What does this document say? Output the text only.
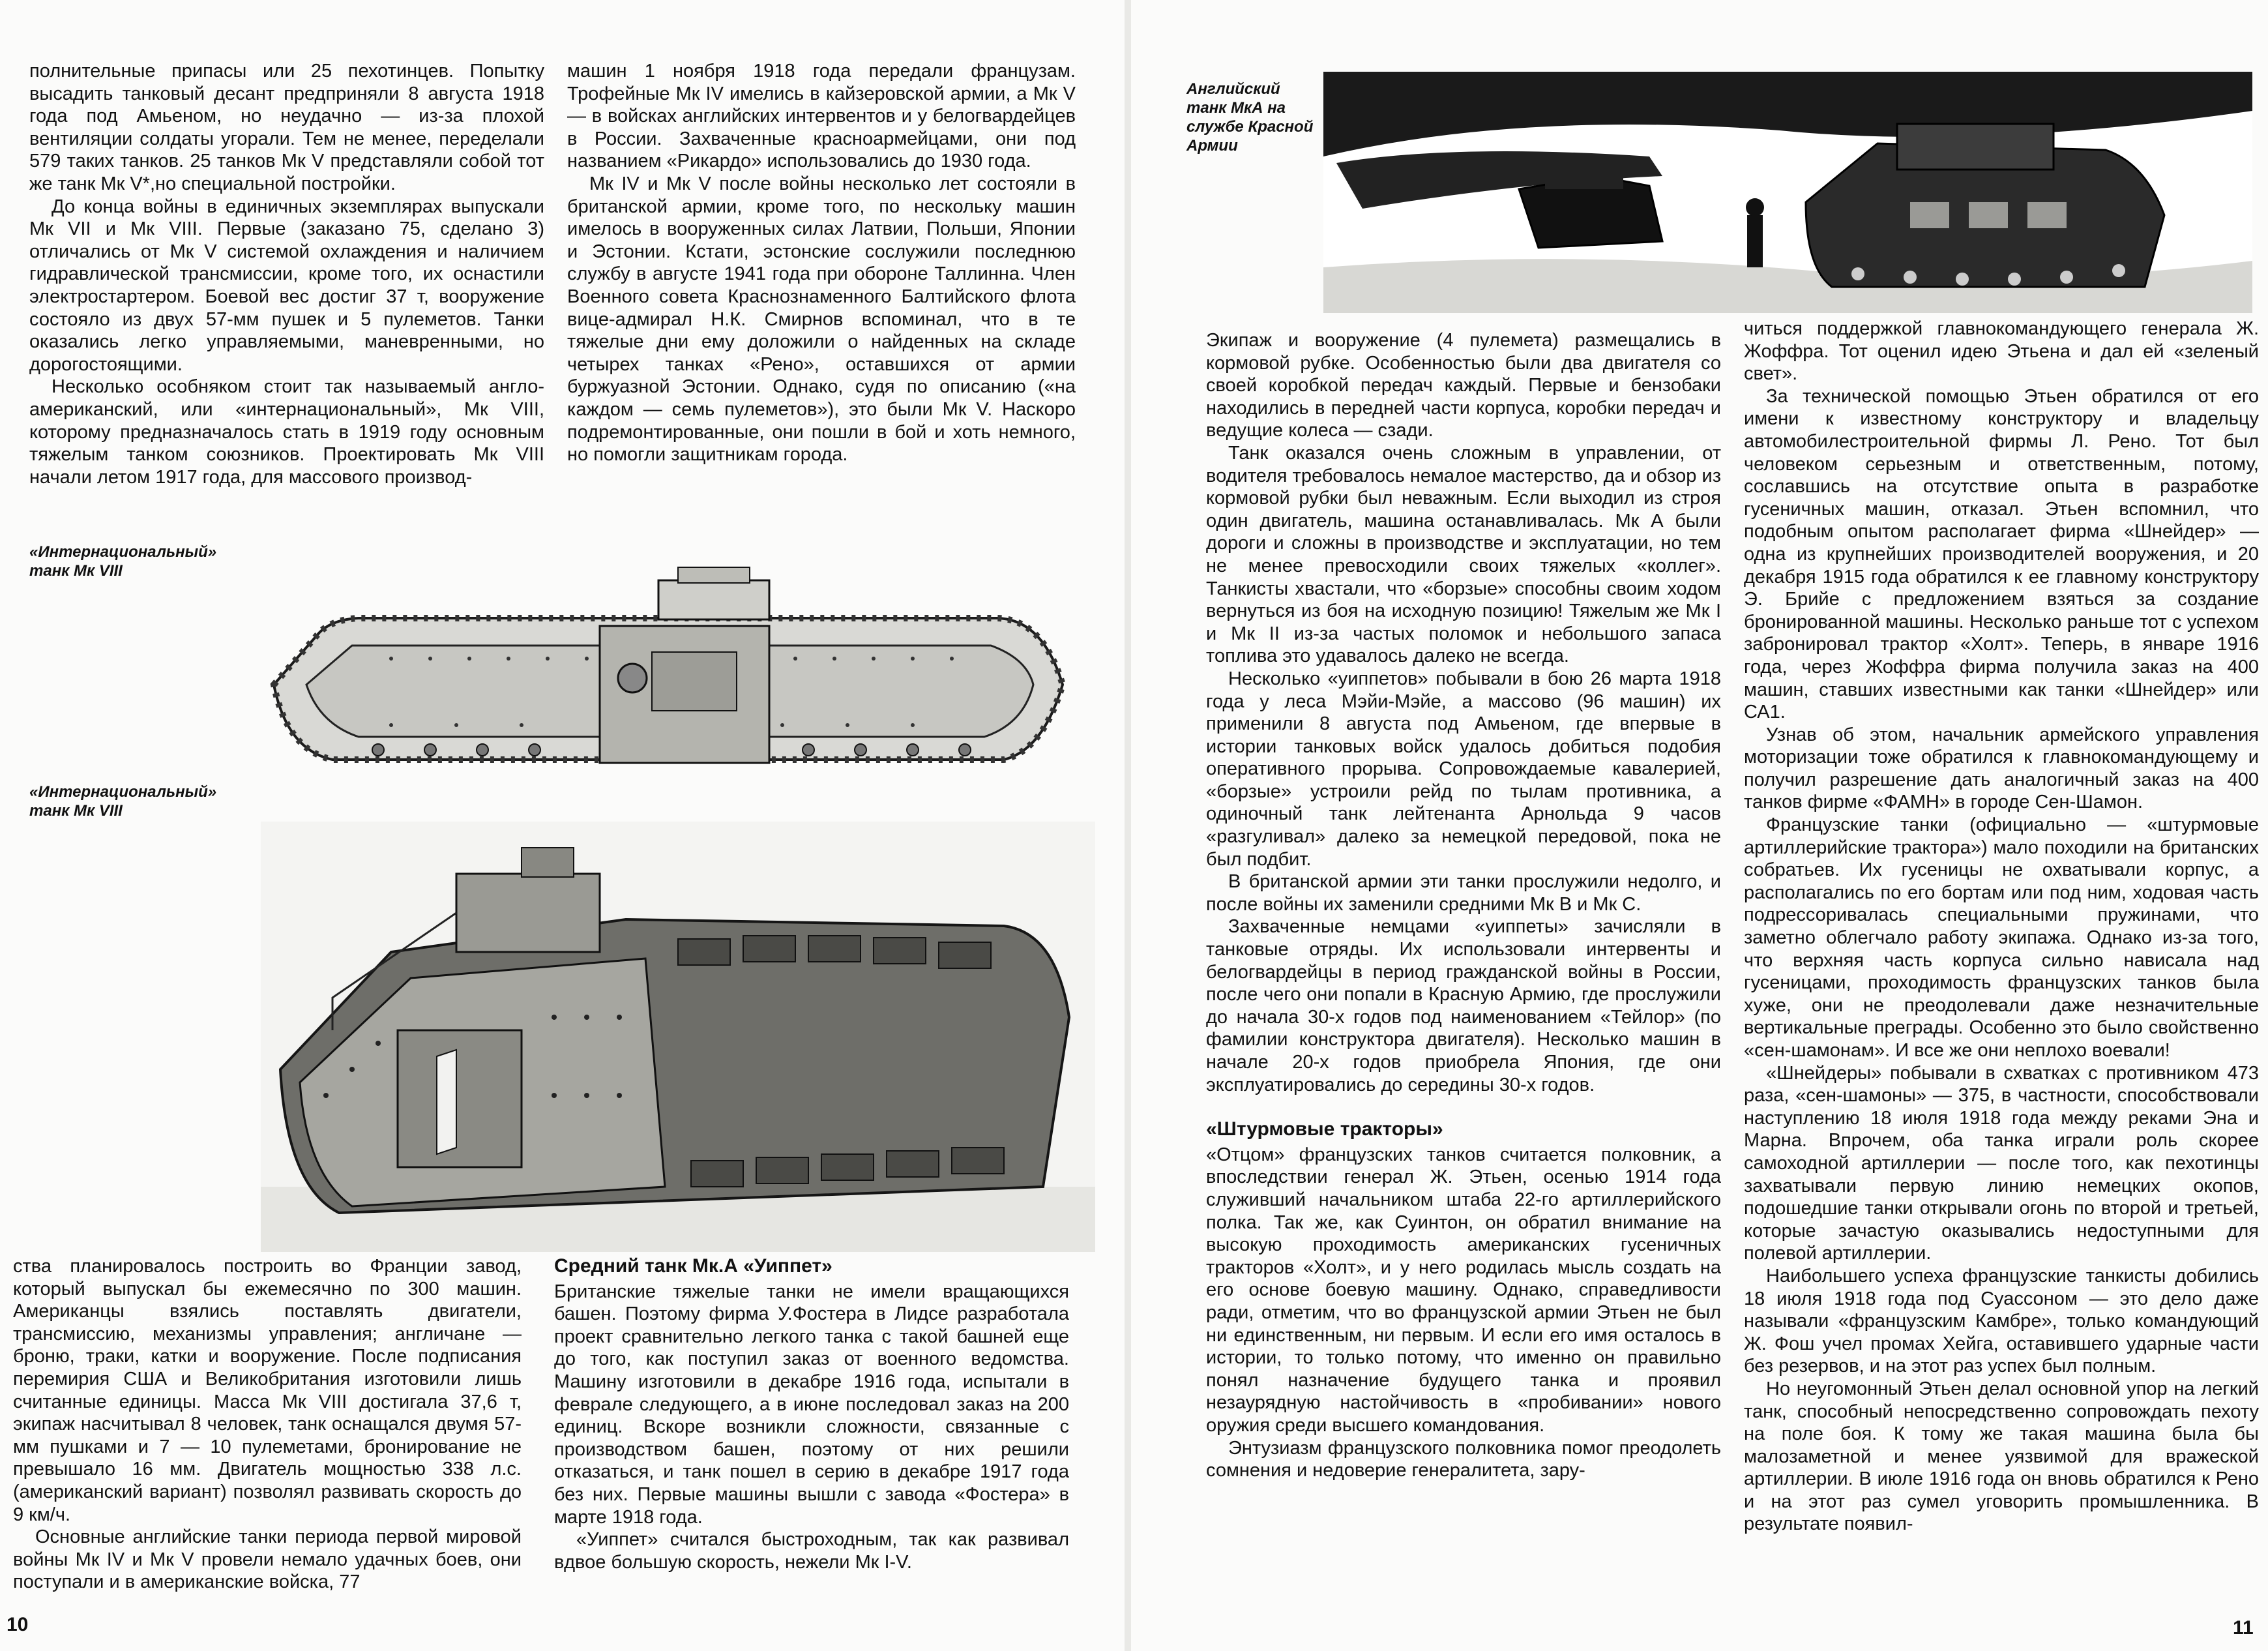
полнительные припасы или 25 пехотинцев. Попытку высадить танковый десант предприняли 8 августа 1918 года под Амьеном, но неудачно — из-за плохой вентиляции солдаты угорали. Тем не менее, переделали 579 таких танков. 25 танков Мк V представляли собой тот же танк Мк V*,но специальной постройки.

До конца войны в единичных экземплярах выпускали Мк VII и Мк VIII. Первые (заказано 75, сделано 3) отличались от Мк V системой охлаждения и наличием гидравлической трансмиссии, кроме того, их оснастили электростартером. Боевой вес достиг 37 т, вооружение состояло из двух 57-мм пушек и 5 пулеметов. Танки оказались легко управляемыми, маневренными, но дорогостоящими.

Несколько особняком стоит так называемый англо-американский, или «интернациональный», Мк VIII, которому предназначалось стать в 1919 году основным тяжелым танком союзников. Проектировать Мк VIII начали летом 1917 года, для массового производ-

машин 1 ноября 1918 года передали французам. Трофейные Мк IV имелись в кайзеровской армии, а Мк V — в войсках английских интервентов и у белогвардейцев в России. Захваченные красноармейцами, они под названием «Рикардо» использовались до 1930 года.

Мк IV и Мк V после войны несколько лет состояли в британской армии, кроме того, по нескольку машин имелось в вооруженных силах Латвии, Польши, Японии и Эстонии. Кстати, эстонские сослужили последнюю службу в августе 1941 года при обороне Таллинна. Член Военного совета Краснознаменного Балтийского флота вице-адмирал Н.К. Смирнов вспоминал, что в те тяжелые дни ему доложили о найденных на складе четырех танках «Рено», оставшихся от армии буржуазной Эстонии. Однако, судя по описанию («на каждом — семь пулеметов»), это были Мк V. Наскоро подремонтированные, они пошли в бой и хоть немного, но помогли защитникам города.

«Интернациональный» танк Мк VIII
«Интернациональный» танк Мк VIII

ства планировалось построить во Франции завод, который выпускал бы ежемесячно по 300 машин. Американцы взялись поставлять двигатели, трансмиссию, механизмы управления; англичане — броню, траки, катки и вооружение. После подписания перемирия США и Великобритания изготовили лишь считанные единицы. Масса Мк VIII достигала 37,6 т, экипаж насчитывал 8 человек, танк оснащался двумя 57-мм пушками и 7 — 10 пулеметами, бронирование не превышало 16 мм. Двигатель мощностью 338 л.с. (американский вариант) позволял развивать скорость до 9 км/ч.

Основные английские танки периода первой мировой войны Мк IV и Мк V провели немало удачных боев, они поступали и в американские войска, 77

Средний танк Мк.А «Уиппет»

Британские тяжелые танки не имели вращающихся башен. Поэтому фирма У.Фостера в Лидсе разработала проект сравнительно легкого танка с такой башней еще до того, как поступил заказ от военного ведомства. Машину изготовили в декабре 1916 года, испытали в феврале следующего, а в июне последовал заказ на 200 единиц. Вскоре возникли сложности, связанные с производством башен, поэтому от них решили отказаться, и танк пошел в серию в декабре 1917 года без них. Первые машины вышли с завода «Фостера» в марте 1918 года.

«Уиппет» считался быстроходным, так как развивал вдвое большую скорость, нежели Мк I-V.

10
Английский танк МкА на службе Красной Армии

Экипаж и вооружение (4 пулемета) размещались в кормовой рубке. Особенностью были два двигателя со своей коробкой передач каждый. Первые и бензобаки находились в передней части корпуса, коробки передач и ведущие колеса — сзади.

Танк оказался очень сложным в управлении, от водителя требовалось немалое мастерство, да и обзор из кормовой рубки был неважным. Если выходил из строя один двигатель, машина останавливалась. Мк А были дороги и сложны в производстве и эксплуатации, но тем не менее превосходили своих тяжелых «коллег». Танкисты хвастали, что «борзые» способны своим ходом вернуться из боя на исходную позицию! Тяжелым же Мк I и Мк II из-за частых поломок и небольшого запаса топлива это удавалось далеко не всегда.

Несколько «уиппетов» побывали в бою 26 марта 1918 года у леса Мэйи-Мэйе, а массово (96 машин) их применили 8 августа под Амьеном, где впервые в истории танковых войск удалось добиться подобия оперативного прорыва. Сопровождаемые кавалерией, «борзые» устроили рейд по тылам противника, а одиночный танк лейтенанта Арнольда 9 часов «разгуливал» далеко за немецкой передовой, пока не был подбит.

В британской армии эти танки прослужили недолго, и после войны их заменили средними Мк В и Мк С.

Захваченные немцами «уиппеты» зачисляли в танковые отряды. Их использовали интервенты и белогвардейцы в период гражданской войны в России, после чего они попали в Красную Армию, где прослужили до начала 30-х годов под наименованием «Тейлор» (по фамилии конструктора двигателя). Несколько машин в начале 20-х годов приобрела Япония, где они эксплуатировались до середины 30-х годов.

«Штурмовые тракторы»

«Отцом» французских танков считается полковник, а впоследствии генерал Ж. Этьен, осенью 1914 года служивший начальником штаба 22-го артиллерийского полка. Так же, как Суинтон, он обратил внимание на высокую проходимость американских гусеничных тракторов «Холт», и у него родилась мысль создать на его основе боевую машину. Однако, справедливости ради, отметим, что во французской армии Этьен не был ни единственным, ни первым. И если его имя осталось в истории, то только потому, что именно он правильно понял назначение будущего танка и проявил незаурядную настойчивость в «пробивании» нового оружия среди высшего командования.

Энтузиазм французского полковника помог преодолеть сомнения и недоверие генералитета, зару-

читься поддержкой главнокомандующего генерала Ж. Жоффра. Тот оценил идею Этьена и дал ей «зеленый свет».

За технической помощью Этьен обратился от его имени к известному конструктору и владельцу автомобилестроительной фирмы Л. Рено. Тот был человеком серьезным и ответственным, потому, сославшись на отсутствие опыта в разработке гусеничных машин, отказал. Этьен вспомнил, что подобным опытом располагает фирма «Шнейдер» — одна из крупнейших производителей вооружения, и 20 декабря 1915 года обратился к ее главному конструктору Э. Брийе с предложением взяться за создание бронированной машины. Несколько раньше тот с успехом забронировал трактор «Холт». Теперь, в январе 1916 года, через Жоффра фирма получила заказ на 400 машин, ставших известными как танки «Шнейдер» или СА1.

Узнав об этом, начальник армейского управления моторизации тоже обратился к главнокомандующему и получил разрешение дать аналогичный заказ на 400 танков фирме «ФАМН» в городе Сен-Шамон.

Французские танки (официально — «штурмовые артиллерийские трактора») мало походили на британских собратьев. Их гусеницы не охватывали корпус, а располагались по его бортам или под ним, ходовая часть подрессоривалась специальными пружинами, что заметно облегчало работу экипажа. Однако из-за того, что верхняя часть корпуса сильно нависала над гусеницами, проходимость французских танков была хуже, они не преодолевали даже незначительные вертикальные преграды. Особенно это было свойственно «сен-шамонам». И все же они неплохо воевали!

«Шнейдеры» побывали в схватках с противником 473 раза, «сен-шамоны» — 375, в частности, способствовали наступлению 18 июля 1918 года между реками Эна и Марна. Впрочем, оба танка играли роль скорее самоходной артиллерии — после того, как пехотинцы захватывали первую линию немецких окопов, подошедшие танки открывали огонь по второй и третьей, которые зачастую оказывались недоступными для полевой артиллерии.

Наибольшего успеха французские танкисты добились 18 июля 1918 года под Суассоном — это дело даже называли «французским Камбре», только командующий Ж. Фош учел промах Хейга, оставившего ударные части без резервов, и на этот раз успех был полным.

Но неугомонный Этьен делал основной упор на легкий танк, способный непосредственно сопровождать пехоту на поле боя. К тому же такая машина была бы малозаметной и менее уязвимой для вражеской артиллерии. В июле 1916 года он вновь обратился к Рено и на этот раз сумел уговорить промышленника. В результате появил-

11
